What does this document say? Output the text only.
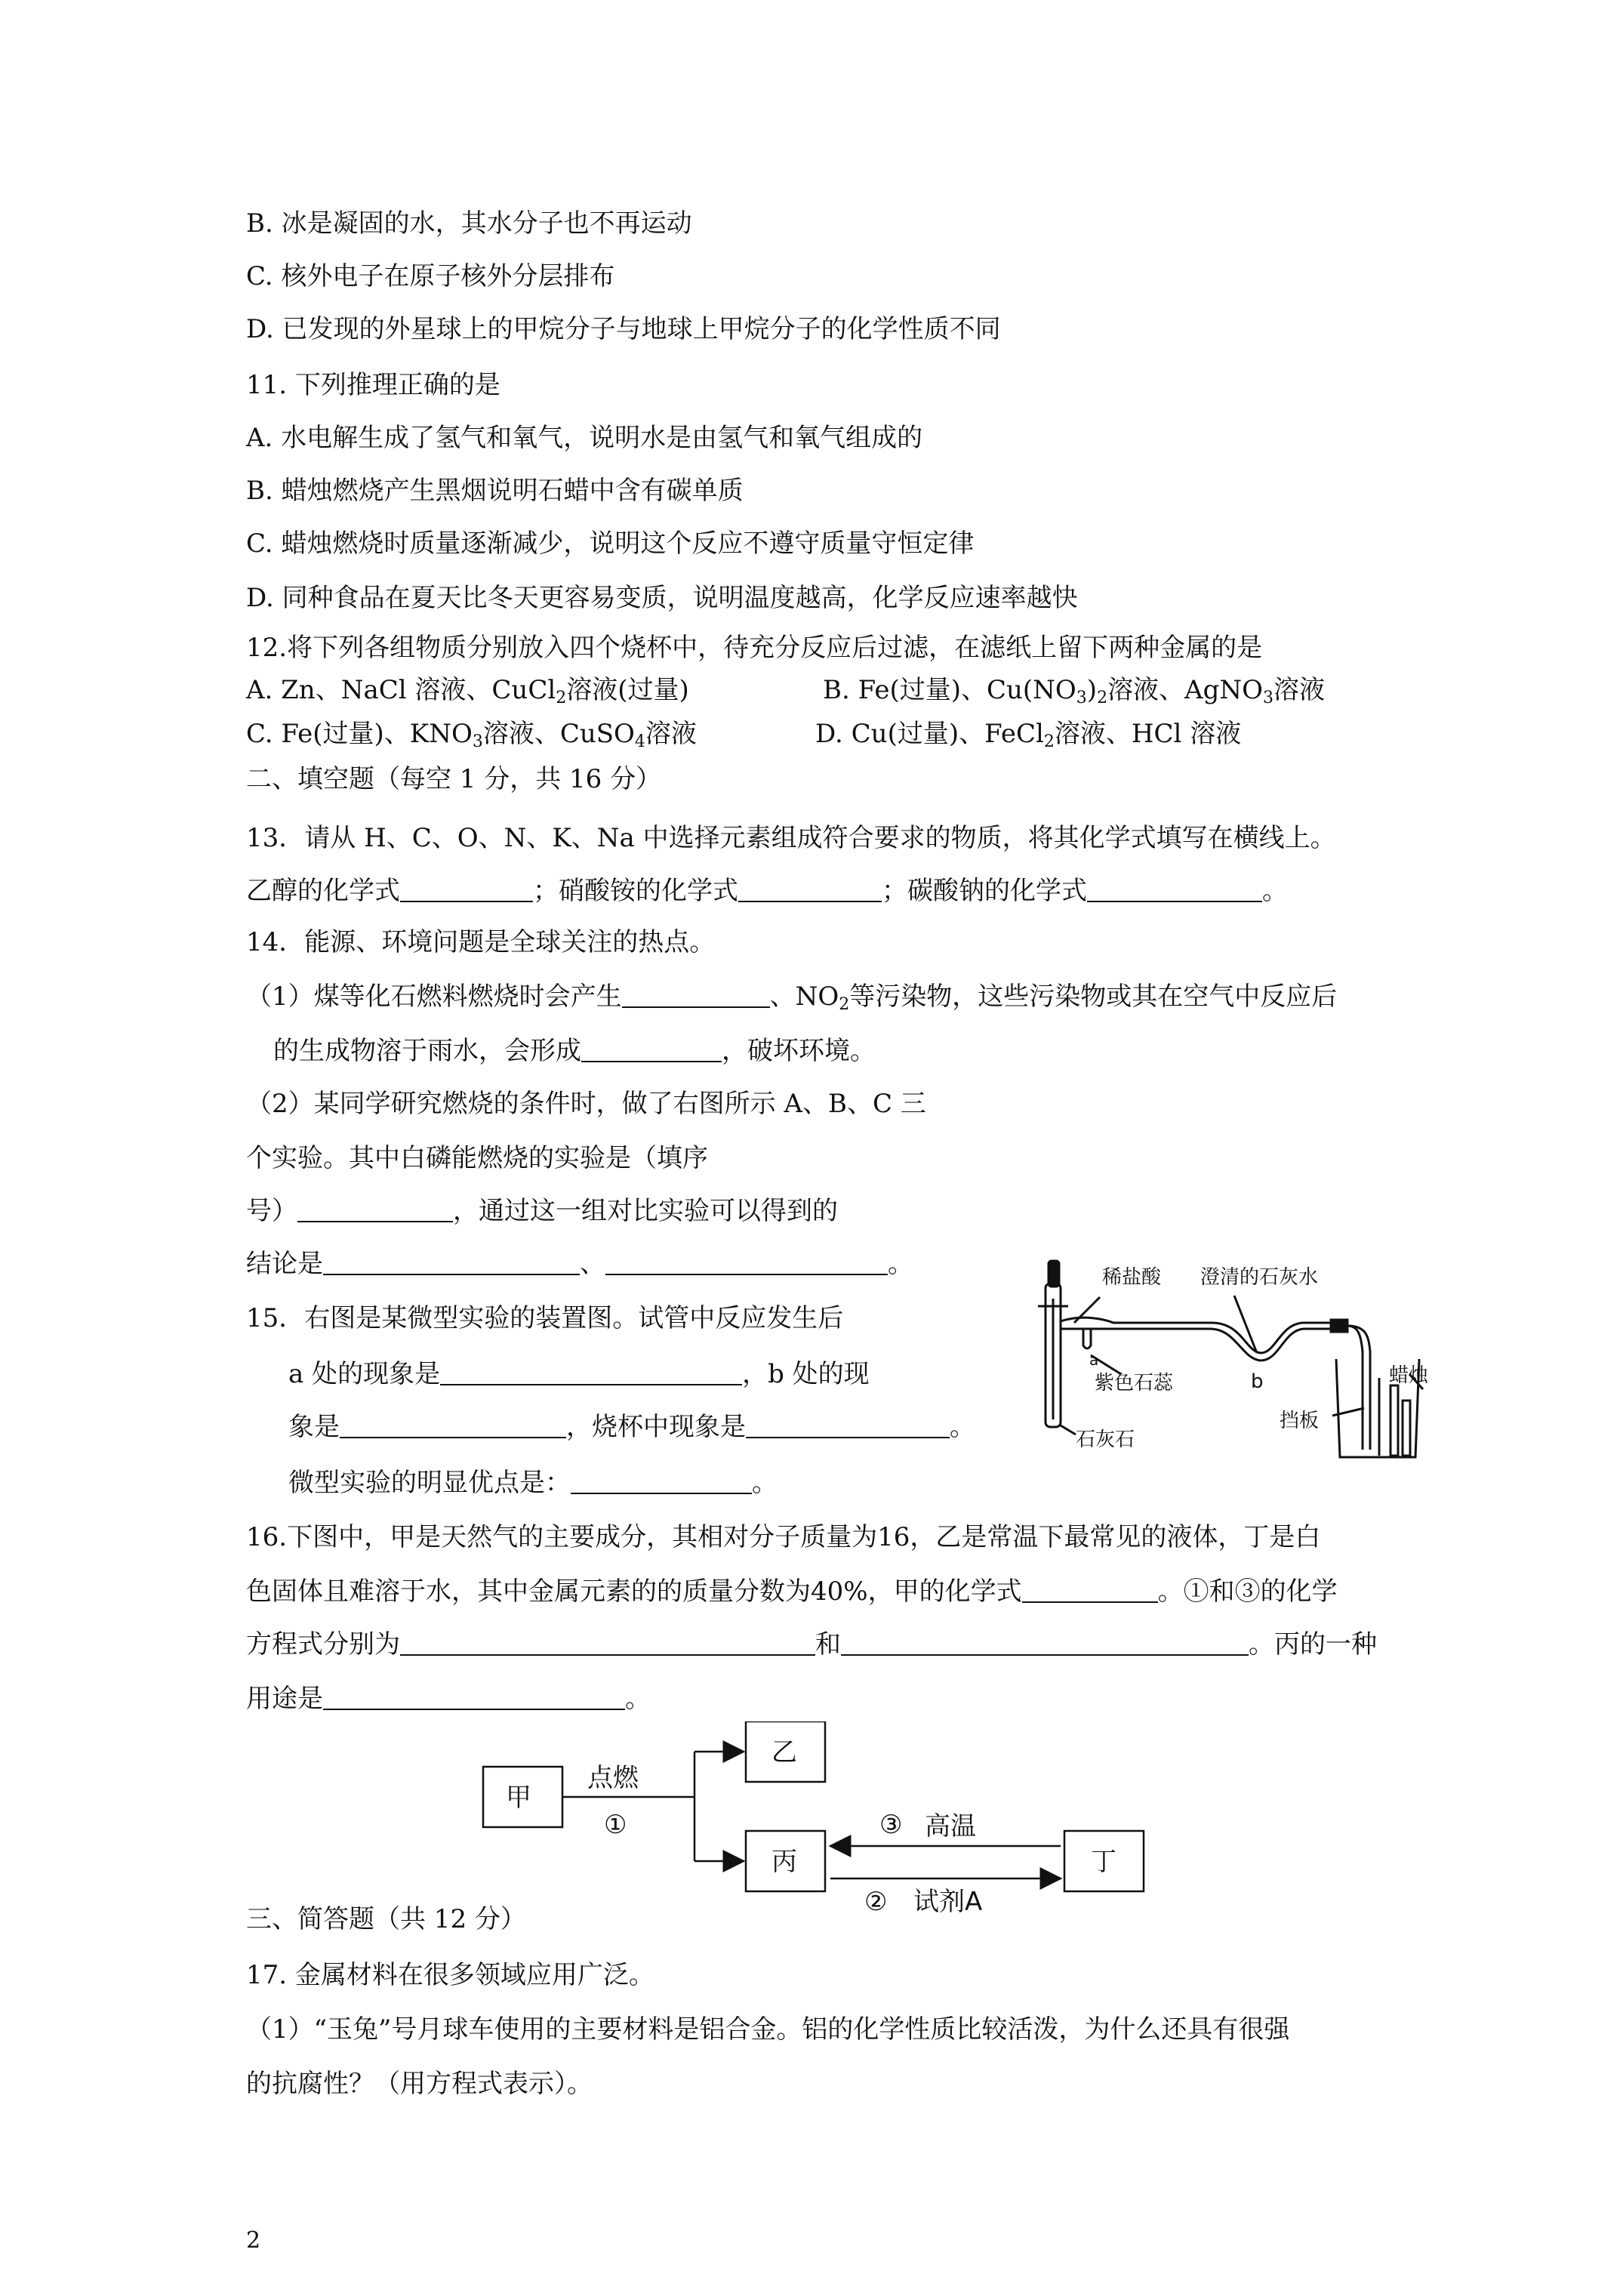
B. 冰是凝固的水，其水分子也不再运动
C. 核外电子在原子核外分层排布
D. 已发现的外星球上的甲烷分子与地球上甲烷分子的化学性质不同
11. 下列推理正确的是
A. 水电解生成了氢气和氧气，说明水是由氢气和氧气组成的
B. 蜡烛燃烧产生黑烟说明石蜡中含有碳单质
C. 蜡烛燃烧时质量逐渐减少，说明这个反应不遵守质量守恒定律
D. 同种食品在夏天比冬天更容易变质，说明温度越高，化学反应速率越快
12.将下列各组物质分别放入四个烧杯中，待充分反应后过滤，在滤纸上留下两种金属的是
A. Zn、NaCl 溶液、CuCl$_2$溶液(过量)	B. Fe(过量)、$Cu(NO_3)_2$溶液、AgNO$_3$溶液
C. Fe(过量)、$KNO_3$溶液、CuSO$_4$溶液	D. Cu(过量)、FeCl$_2$溶液、HCl 溶液
二、填空题（每空 1 分，共 16 分）
13．请从 H、C、O、N、K、Na 中选择元素组成符合要求的物质，将其化学式填写在横线上。
乙醇的化学式	；硝酸铵的化学式	；碳酸钠的化学式	。
14．能源、环境问题是全球关注的热点。
（1）煤等化石燃料燃烧时会产生	、$NO_2$等污染物，这些污染物或其在空气中反应后
的生成物溶于雨水，会形成	，破坏环境。
（2）某同学研究燃烧的条件时，做了右图所示 A、B、C 三
个实验。其中白磷能燃烧的实验是（填序
号）	，通过这一组对比实验可以得到的
结论是	、	。
15．右图是某微型实验的装置图。试管中反应发生后
a 处的现象是	，b 处的现
象是	，烧杯中现象是	。
微型实验的明显优点是：	。
稀盐酸 澄清的石灰水
a
紫色石蕊	b
石灰石
挡板
蜡烛
16.下图中，甲是天然气的主要成分，其相对分子质量为16，乙是常温下最常见的液体，丁是白
色固体且难溶于水，其中金属元素的的质量分数为40%，甲的化学式	。①和③的化学
方程式分别为	和	。丙的一种
用途是	。
甲
乙
丙	丁
点燃
①	③ 高温
② 试剂A
三、简答题（共 12 分）
17. 金属材料在很多领域应用广泛。
（1）“玉兔”号月球车使用的主要材料是铝合金。铝的化学性质比较活泼，为什么还具有很强
的抗腐性？（用方程式表示）。
2
